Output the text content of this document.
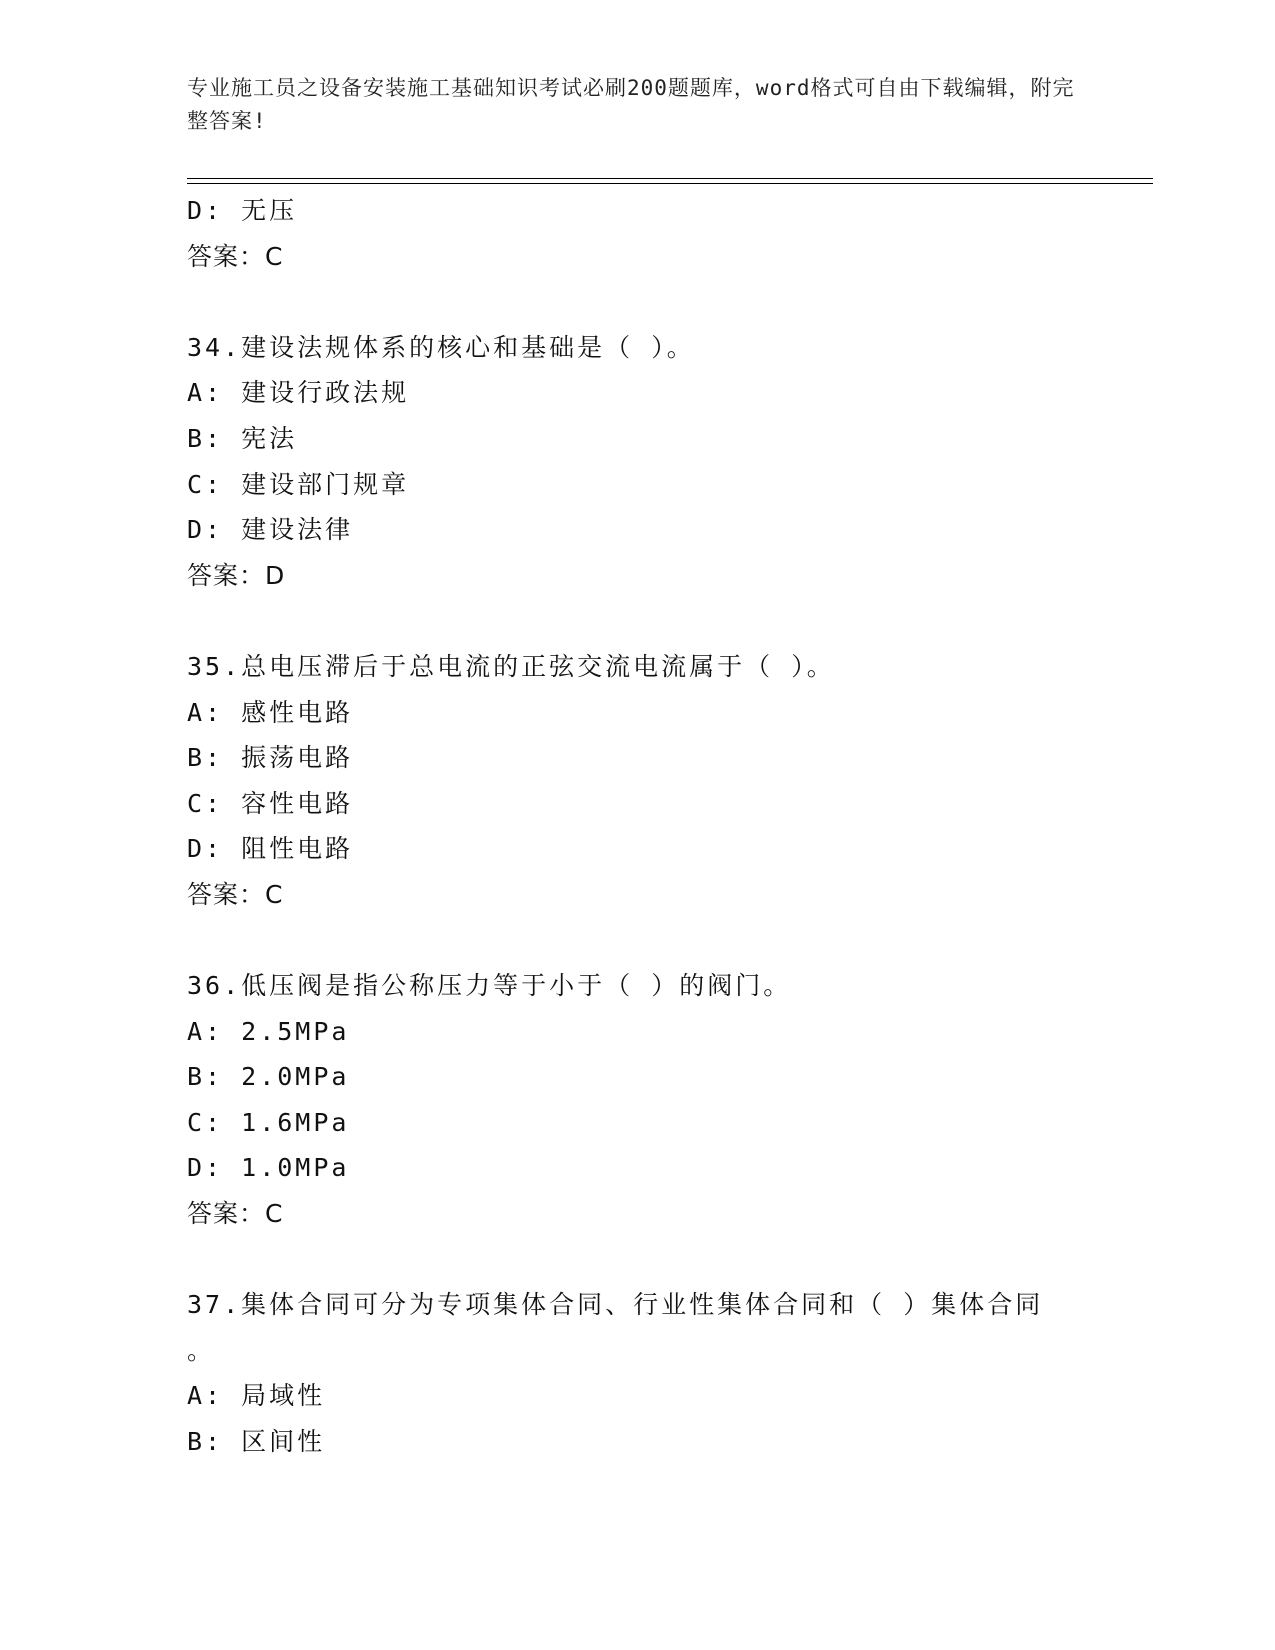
专业施工员之设备安装施工基础知识考试必刷200题题库，word格式可自由下载编辑，附完整答案!
D: 无压
答案：C
34.建设法规体系的核心和基础是（ ）。
A: 建设行政法规
B: 宪法
C: 建设部门规章
D: 建设法律
答案：D
35.总电压滞后于总电流的正弦交流电流属于（ ）。
A: 感性电路
B: 振荡电路
C: 容性电路
D: 阻性电路
答案：C
36.低压阀是指公称压力等于小于（ ）的阀门。
A: 2.5MPa
B: 2.0MPa
C: 1.6MPa
D: 1.0MPa
答案：C
37.集体合同可分为专项集体合同、行业性集体合同和（ ）集体合同
。
A: 局域性
B: 区间性
